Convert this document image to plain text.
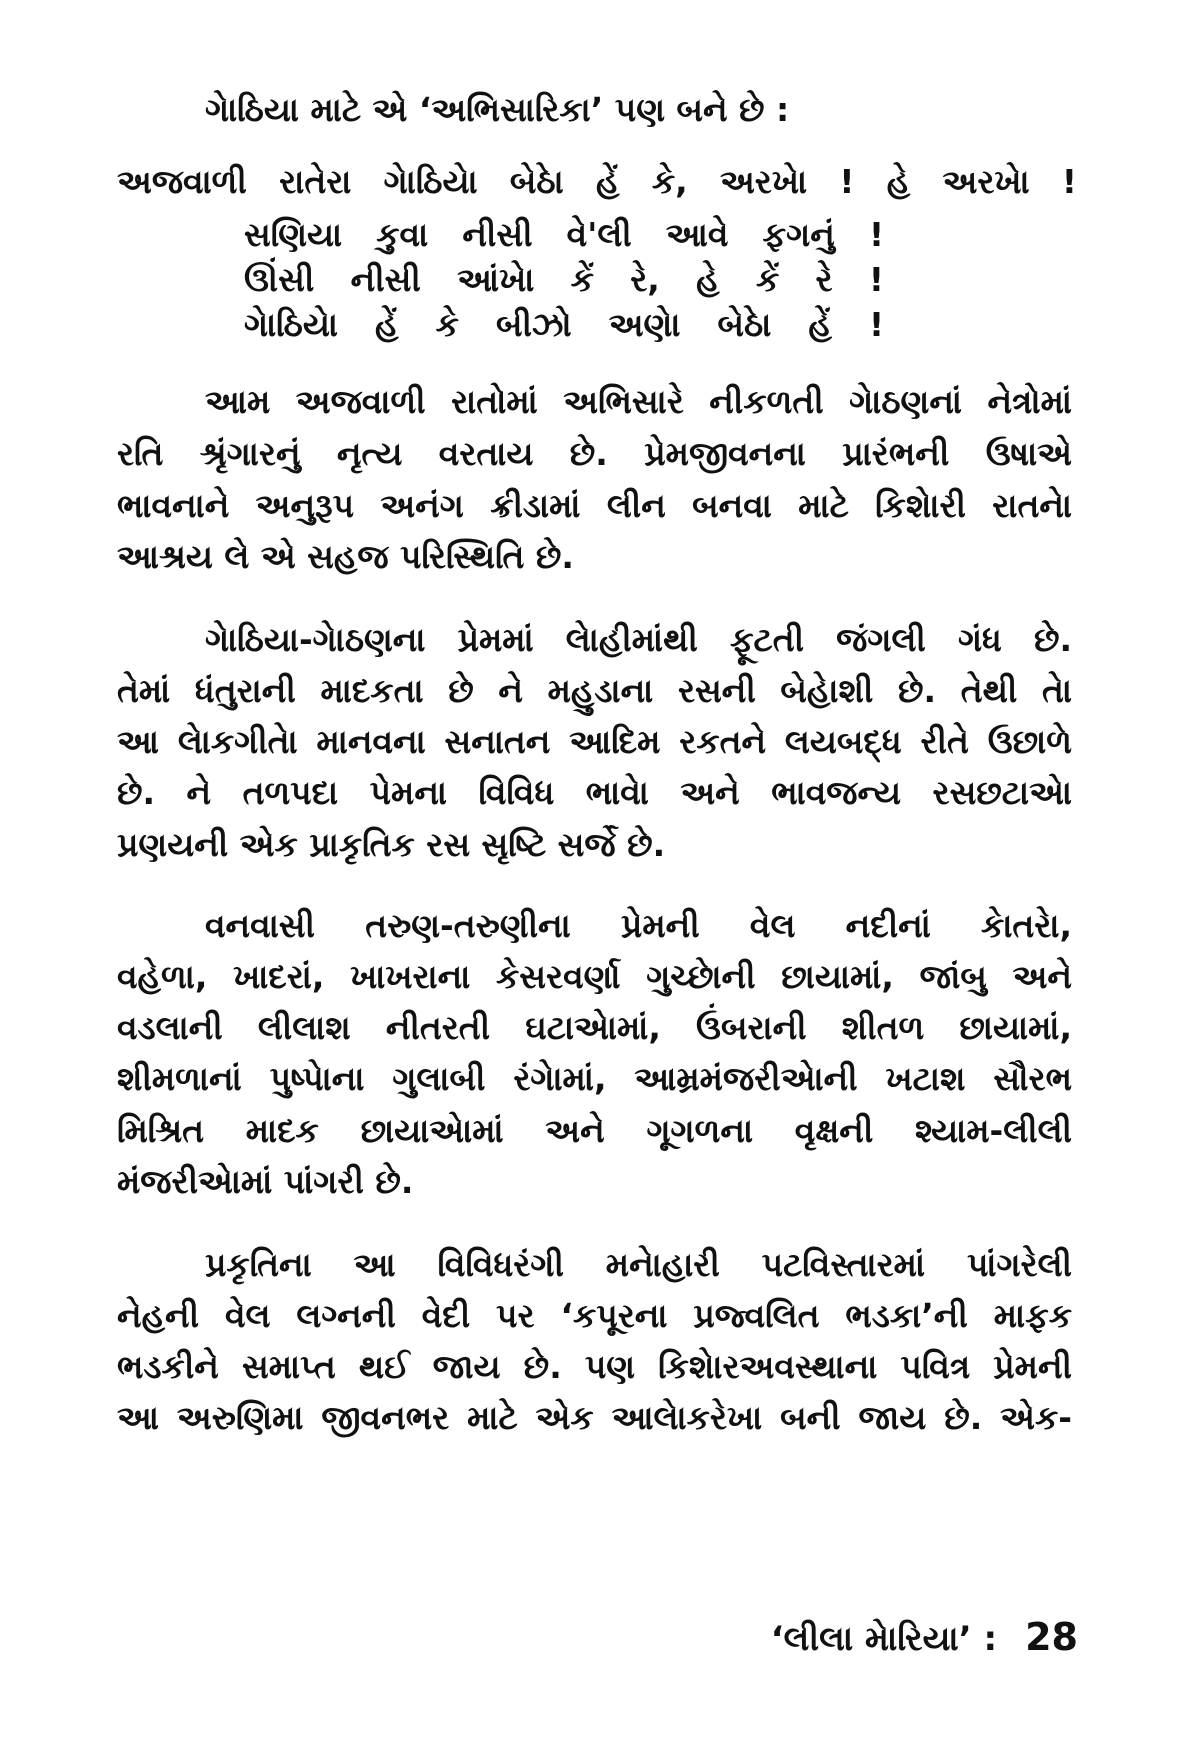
ગેાઠિયા માટે એ ‘અભિસારિકા’ પણ બને છે :
અજવાળી રાતેરા ગેાઠિયેા બેઠેા હેં કે, અરખેા ! હે અરખેા !
સણિયા કુવા નીસી વે'લી આવે ફગનું !
ઊંસી નીસી આંખેા કેં રે, હે કેં રે !
ગેાઠિયેા હેં કે બીઝો અણેા બેઠેા હેં !
આમ અજવાળી રાતોમાં અભિસારે નીકળતી ગેાઠણનાં નેત્રોમાં
રતિ શ્રૃંગારનું નૃત્ય વરતાય છે. પ્રેમજીવનના પ્રારંભની ઉષાએ
ભાવનાને અનુરૂપ અનંગ ક્રીડામાં લીન બનવા માટે કિશેારી રાતનેા
આશ્રય લે એ સહજ પરિસ્થિતિ છે.
ગેાઠિયા-ગેાઠણના પ્રેમમાં લેાહીમાંથી ફૂટતી જંગલી ગંધ છે.
તેમાં ધંતુરાની માદકતા છે ને મહુડાના રસની બેહેાશી છે. તેથી તેા
આ લેાકગીતેા માનવના સનાતન આદિમ રકતને લયબદ્ધ રીતે ઉછાળે
છે. ને તળપદા પેમના વિવિધ ભાવેા અને ભાવજન્ય રસછટાએા
પ્રણયની એક પ્રાકૃતિક રસ સૃષ્ટિ સર્જે છે.
વનવાસી તરુણ-તરુણીના પ્રેમની વેલ નદીનાં કેાતરેા,
વહેળા, ખાદરાં, ખાખરાના કેસરવર્ણા ગુચ્છેાની છાયામાં, જાંબુ અને
વડલાની લીલાશ નીતરતી ઘટાએામાં, ઉંબરાની શીતળ છાયામાં,
શીમળાનાં પુષ્પેાના ગુલાબી રંગેામાં, આમ્રમંજરીએાની ખટાશ સૌરભ
મિશ્રિત માદક છાયાએામાં અને ગૂગળના વૃક્ષની શ્યામ-લીલી
મંજરીએામાં પાંગરી છે.
પ્રકૃતિના આ વિવિધરંગી મનેાહારી પટવિસ્તારમાં પાંગરેલી
નેહની વેલ લગ્નની વેદી પર ‘કપૂરના પ્રજ્વલિત ભડકા’ની માફક
ભડકીને સમાપ્ત થઈ જાય છે. પણ કિશેારઅવસ્થાના પવિત્ર પ્રેમની
આ અરુણિમા જીવનભર માટે એક આલેાકરેખા બની જાય છે. એક-
‘લીલા મેારિયા’ : 28
